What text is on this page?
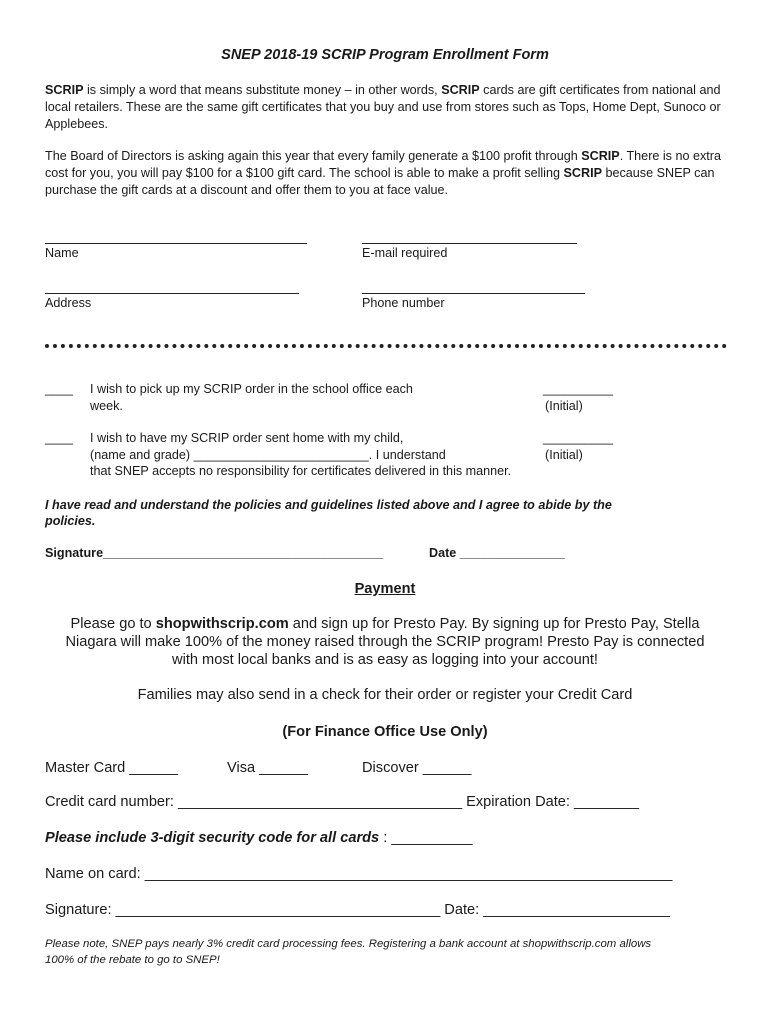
SNEP 2018-19 SCRIP Program Enrollment Form
SCRIP is simply a word that means substitute money – in other words, SCRIP cards are gift certificates from national and local retailers. These are the same gift certificates that you buy and use from stores such as Tops, Home Dept, Sunoco or Applebees.
The Board of Directors is asking again this year that every family generate a $100 profit through SCRIP. There is no extra cost for you, you will pay $100 for a $100 gift card. The school is able to make a profit selling SCRIP because SNEP can purchase the gift cards at a discount and offer them to you at face value.
Name	E-mail required
Address	Phone number
____ I wish to pick up my SCRIP order in the school office each
week.
__________
(Initial)
____ I wish to have my SCRIP order sent home with my child,
(name and grade) _________________________. I understand
that SNEP accepts no responsibility for certificates delivered in this manner.
__________
(Initial)
I have read and understand the policies and guidelines listed above and I agree to abide by the
policies.
Signature________________________________________	Date _______________
Payment
Please go to shopwithscrip.com and sign up for Presto Pay. By signing up for Presto Pay, Stella
Niagara will make 100% of the money raised through the SCRIP program! Presto Pay is connected
with most local banks and is as easy as logging into your account!
Families may also send in a check for their order or register your Credit Card
(For Finance Office Use Only)
Master Card ______	Visa ______	Discover ______
Credit card number: ___________________________________ Expiration Date: ________
Please include 3-digit security code for all cards : __________
Name on card: _________________________________________________________________
Signature: ________________________________________ Date: _______________________
Please note, SNEP pays nearly 3% credit card processing fees. Registering a bank account at shopwithscrip.com allows
100% of the rebate to go to SNEP!
